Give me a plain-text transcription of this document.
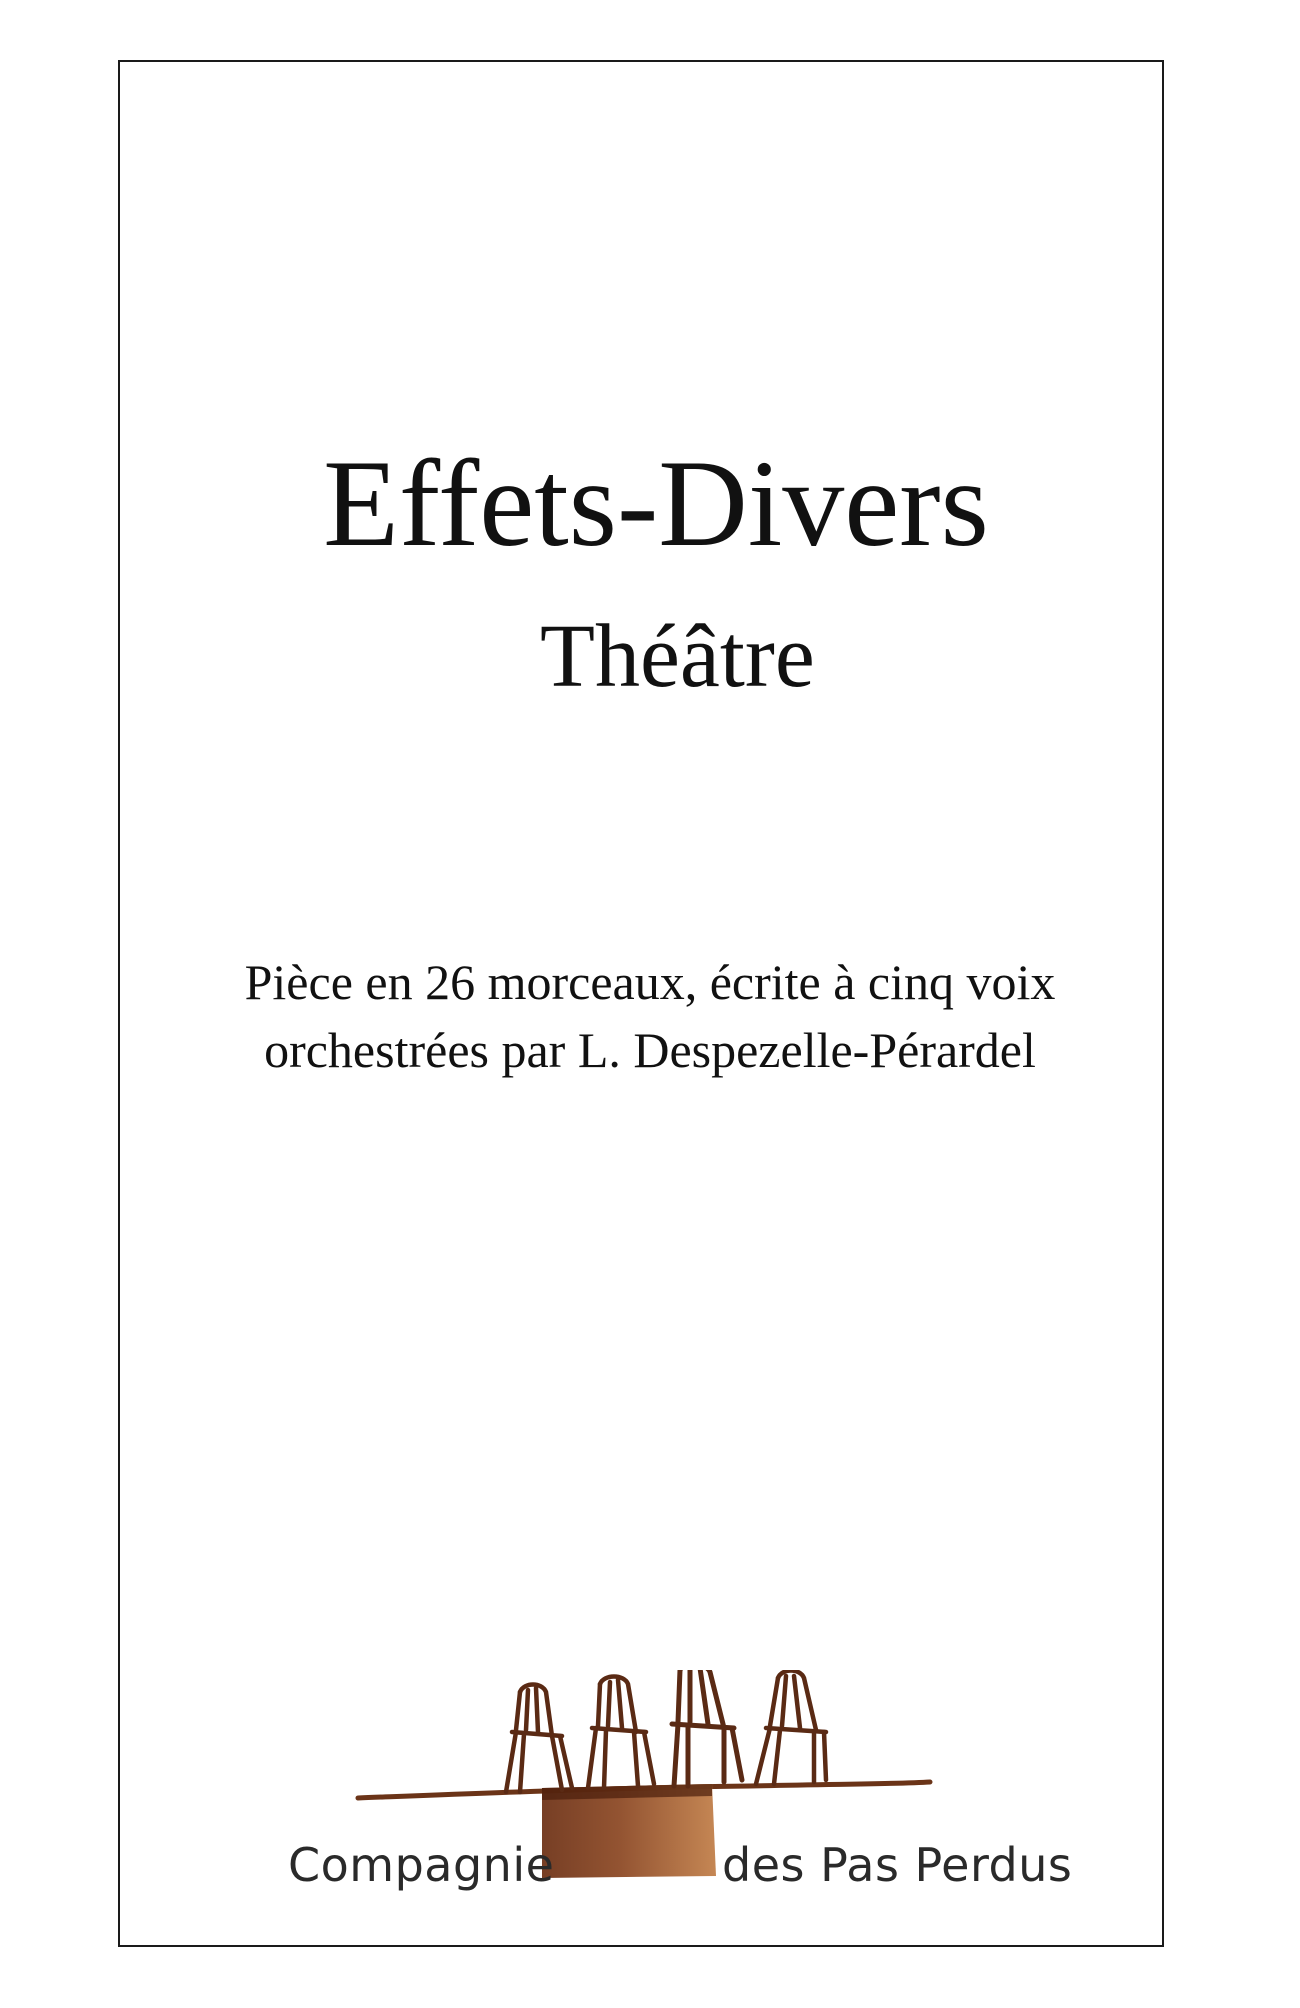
Effets-Divers
Théâtre

Pièce en 26 morceaux, écrite à cinq voix
orchestrées par L. Despezelle-Pérardel

Compagnie	des Pas Perdus
